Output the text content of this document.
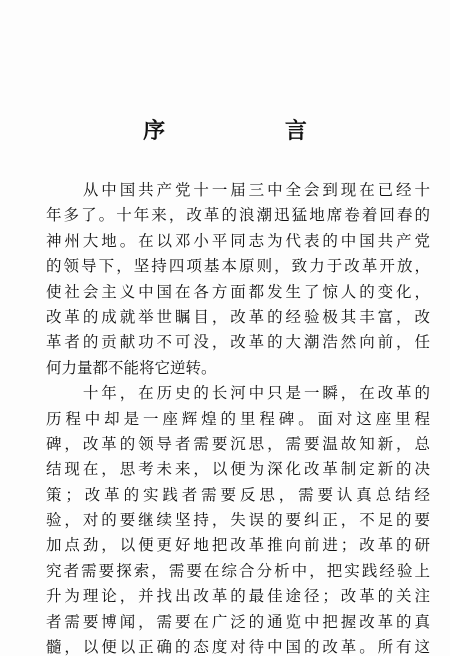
序 言
　　从中国共产党十一届三中全会到现在已经十
年多了。十年来，改革的浪潮迅猛地席卷着回春的
神州大地。在以邓小平同志为代表的中国共产党
的领导下，坚持四项基本原则，致力于改革开放，
使社会主义中国在各方面都发生了惊人的变化，
改革的成就举世瞩目，改革的经验极其丰富，改
革者的贡献功不可没，改革的大潮浩然向前，任
何力量都不能将它逆转。
　　十年，在历史的长河中只是一瞬，在改革的
历程中却是一座辉煌的里程碑。面对这座里程
碑，改革的领导者需要沉思，需要温故知新，总
结现在，思考未来，以便为深化改革制定新的决
策；改革的实践者需要反思，需要认真总结经
验，对的要继续坚持，失误的要纠正，不足的要
加点劲，以便更好地把改革推向前进；改革的研
究者需要探索，需要在综合分析中，把实践经验上
升为理论，并找出改革的最佳途径；改革的关注
者需要博闻，需要在广泛的通览中把握改革的真
髓，以便以正确的态度对待中国的改革。所有这
